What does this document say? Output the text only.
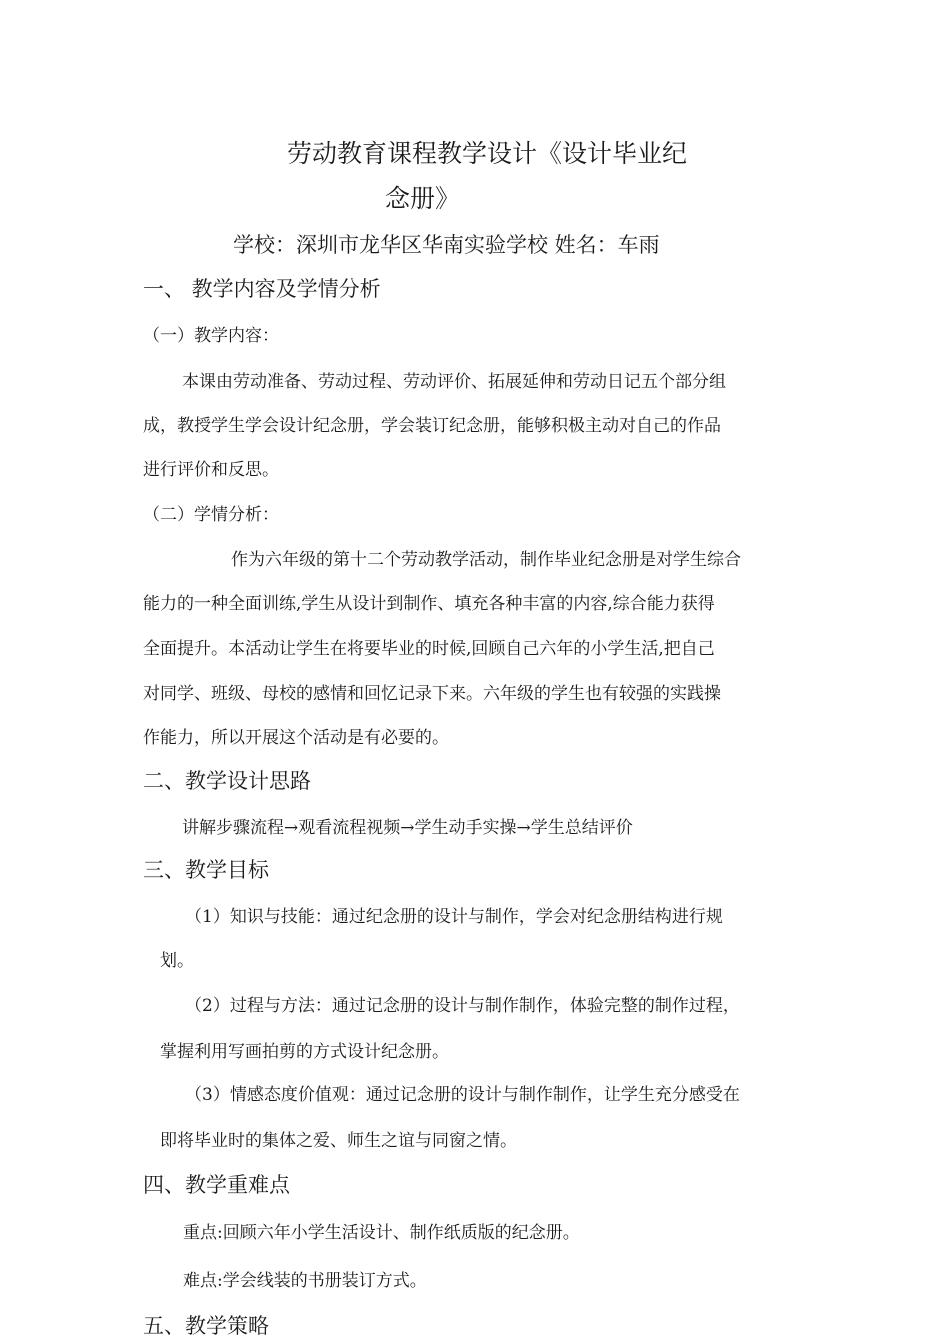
劳动教育课程教学设计《设计毕业纪
念册》
学校：深圳市龙华区华南实验学校 姓名：车雨
一、 教学内容及学情分析
（一）教学内容：
本课由劳动准备、劳动过程、劳动评价、拓展延伸和劳动日记五个部分组
成，教授学生学会设计纪念册，学会装订纪念册，能够积极主动对自己的作品
进行评价和反思。
（二）学情分析：
作为六年级的第十二个劳动教学活动，制作毕业纪念册是对学生综合
能力的一种全面训练,学生从设计到制作、填充各种丰富的内容,综合能力获得
全面提升。本活动让学生在将要毕业的时候,回顾自己六年的小学生活,把自己
对同学、班级、母校的感情和回忆记录下来。六年级的学生也有较强的实践操
作能力，所以开展这个活动是有必要的。
二、教学设计思路
讲解步骤流程→观看流程视频→学生动手实操→学生总结评价
三、教学目标
（1）知识与技能：通过纪念册的设计与制作，学会对纪念册结构进行规
划。
（2）过程与方法：通过记念册的设计与制作制作，体验完整的制作过程，
掌握利用写画拍剪的方式设计纪念册。
（3）情感态度价值观：通过记念册的设计与制作制作，让学生充分感受在
即将毕业时的集体之爱、师生之谊与同窗之情。
四、教学重难点
重点:回顾六年小学生活设计、制作纸质版的纪念册。
难点:学会线装的书册装订方式。
五、教学策略
